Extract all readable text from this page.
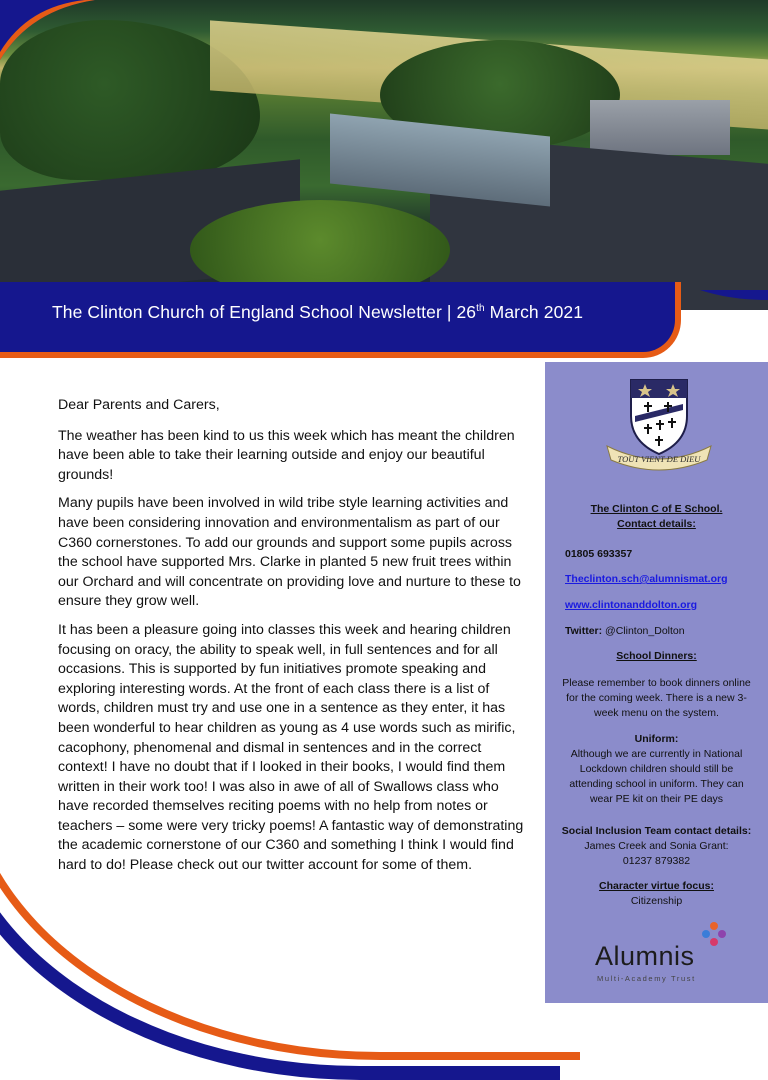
The Clinton Church of England School Newsletter | 26th March 2021

Dear Parents and Carers,

The weather has been kind to us this week which has meant the children have been able to take their learning outside and enjoy our beautiful grounds!

Many pupils have been involved in wild tribe style learning activities and have been considering innovation and environmentalism as part of our C360 cornerstones. To add our grounds and support some pupils across the school have supported Mrs. Clarke in planted 5 new fruit trees within our Orchard and will concentrate on providing love and nurture to these to ensure they grow well.

It has been a pleasure going into classes this week and hearing children focusing on oracy, the ability to speak well, in full sentences and for all occasions. This is supported by fun initiatives promote speaking and exploring interesting words. At the front of each class there is a list of words, children must try and use one in a sentence as they enter, it has been wonderful to hear children as young as 4 use words such as mirific, cacophony, phenomenal and dismal in sentences and in the correct context! I have no doubt that if I looked in their books, I would find them written in their work too! I was also in awe of all of Swallows class who have recorded themselves reciting poems with no help from notes or teachers – some were very tricky poems! A fantastic way of demonstrating the academic cornerstone of our C360 and something I think I would find hard to do! Please check out our twitter account for some of them.

TOUT VIENT DE DIEU
The Clinton C of E School.
Contact details:
01805 693357
Theclinton.sch@alumnismat.org
www.clintonanddolton.org
Twitter: @Clinton_Dolton
School Dinners:
Please remember to book dinners online for the coming week. There is a new 3-week menu on the system.
Uniform:
Although we are currently in National Lockdown children should still be attending school in uniform. They can wear PE kit on their PE days
Social Inclusion Team contact details:
James Creek and Sonia Grant:
01237 879382
Character virtue focus:
Citizenship
Alumnis
Multi-Academy Trust
